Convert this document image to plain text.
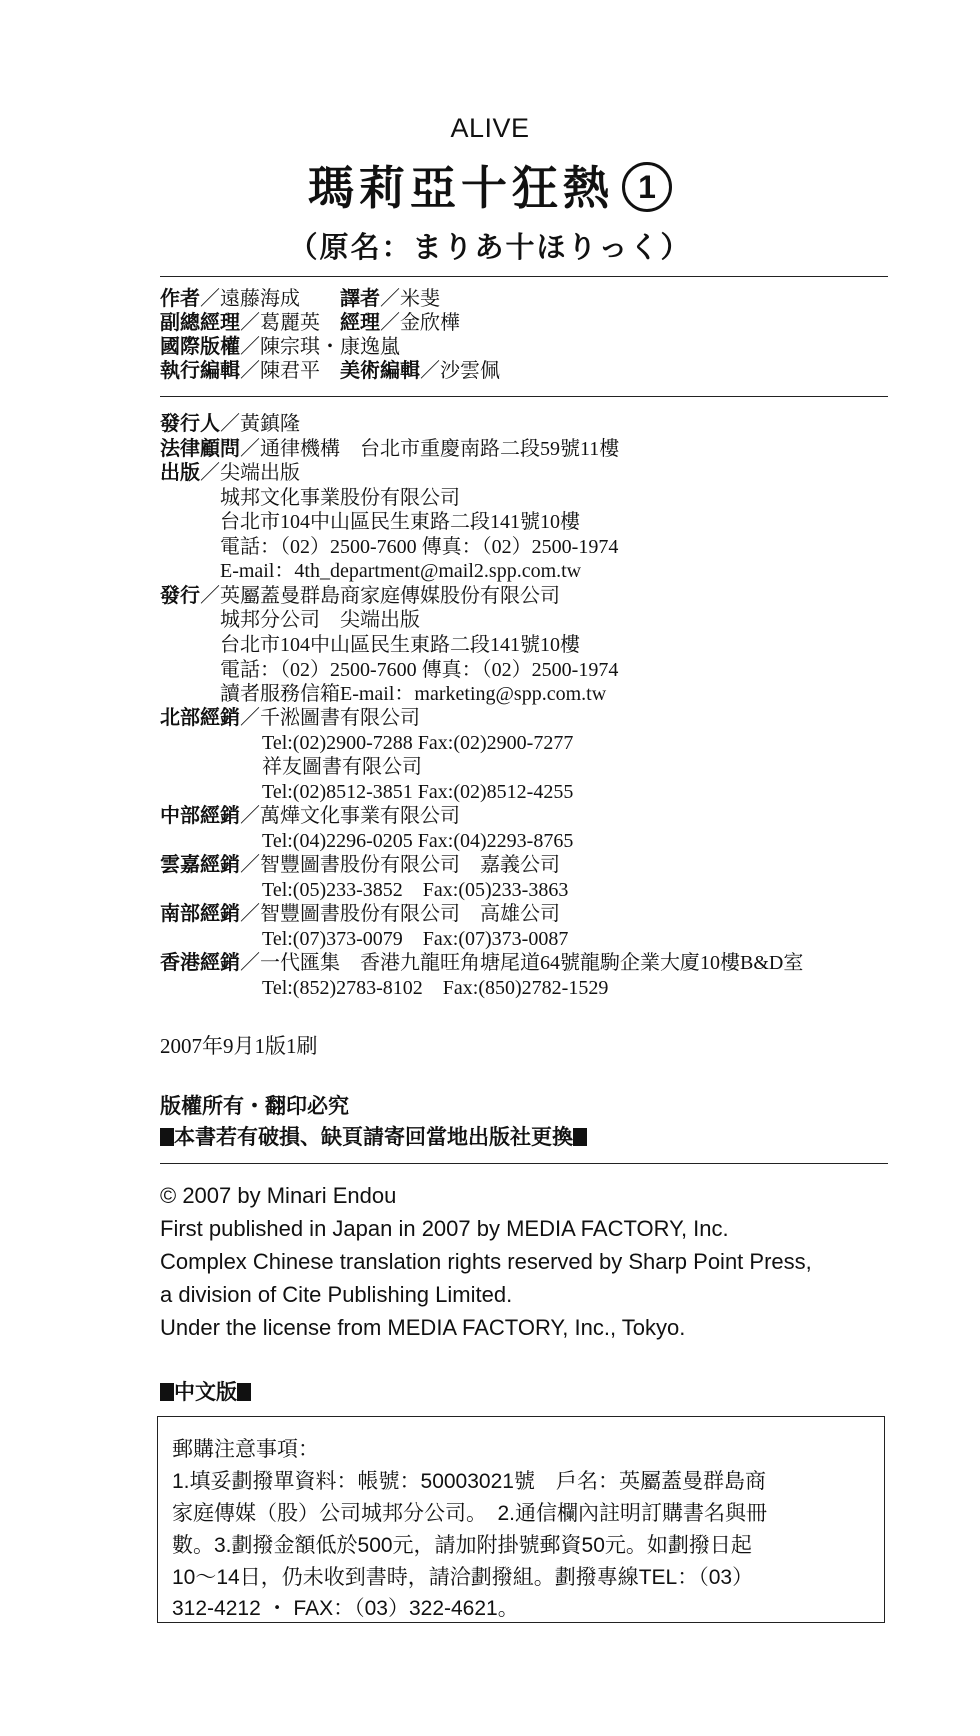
ALIVE
瑪莉亞十狂熱 1
（原名：まりあ十ほりっく）
作者／遠藤海成　　 譯者／米斐
副總經理／葛麗英　 經理／金欣樺
國際版權／陳宗琪・康逸嵐
執行編輯／陳君平　 美術編輯／沙雲佩
發行人／黃鎮隆
法律顧問／通律機構　台北市重慶南路二段59號11樓
出版／尖端出版
城邦文化事業股份有限公司
台北市104中山區民生東路二段141號10樓
電話：（02）2500-7600 傳真：（02）2500-1974
E-mail：4th_department@mail2.spp.com.tw
發行／英屬蓋曼群島商家庭傳媒股份有限公司
城邦分公司　尖端出版
台北市104中山區民生東路二段141號10樓
電話：（02）2500-7600 傳真：（02）2500-1974
讀者服務信箱E-mail：marketing@spp.com.tw
北部經銷／千淞圖書有限公司
Tel:(02)2900-7288 Fax:(02)2900-7277
祥友圖書有限公司
Tel:(02)8512-3851 Fax:(02)8512-4255
中部經銷／萬燁文化事業有限公司
Tel:(04)2296-0205 Fax:(04)2293-8765
雲嘉經銷／智豐圖書股份有限公司　嘉義公司
Tel:(05)233-3852　Fax:(05)233-3863
南部經銷／智豐圖書股份有限公司　高雄公司
Tel:(07)373-0079　Fax:(07)373-0087
香港經銷／一代匯集　香港九龍旺角塘尾道64號龍駒企業大廈10樓B&D室
Tel:(852)2783-8102　Fax:(850)2782-1529
2007年9月1版1刷
版權所有・翻印必究
本書若有破損、缺頁請寄回當地出版社更換
© 2007 by Minari Endou
First published in Japan in 2007 by MEDIA FACTORY, Inc.
Complex Chinese translation rights reserved by Sharp Point Press,
a division of Cite Publishing Limited.
Under the license from MEDIA FACTORY, Inc., Tokyo.
中文版
郵購注意事項：
1.填妥劃撥單資料：帳號：50003021號　戶名：英屬蓋曼群島商
家庭傳媒（股）公司城邦分公司。　2.通信欄內註明訂購書名與冊
數。3.劃撥金額低於500元，請加附掛號郵資50元。如劃撥日起
10～14日，仍未收到書時，請洽劃撥組。劃撥專線TEL：（03）
312-4212 ・ FAX：（03）322-4621。
